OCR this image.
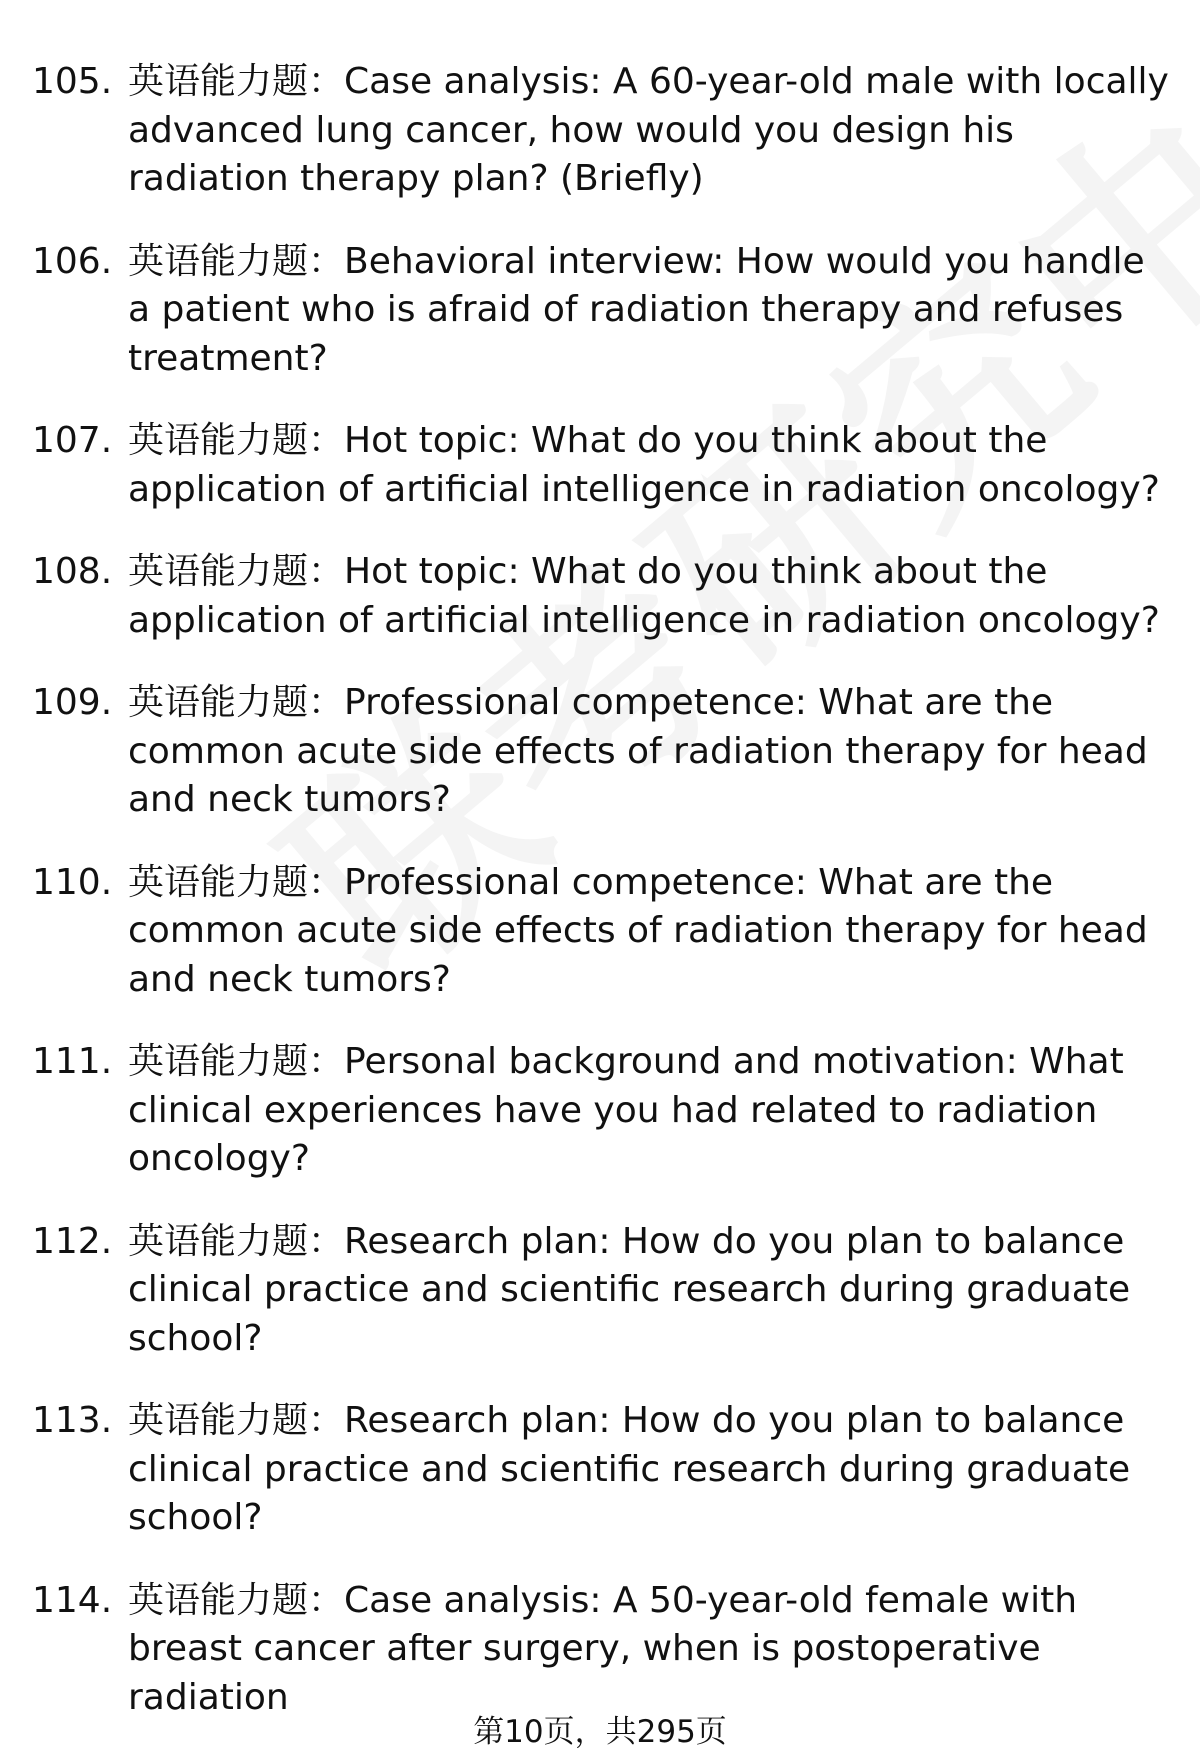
105. 英语能力题：Case analysis: A 60-year-old male with locally advanced lung cancer, how would you design his radiation therapy plan? (Briefly)
106. 英语能力题：Behavioral interview: How would you handle a patient who is afraid of radiation therapy and refuses treatment?
107. 英语能力题：Hot topic: What do you think about the application of artificial intelligence in radiation oncology?
108. 英语能力题：Hot topic: What do you think about the application of artificial intelligence in radiation oncology?
109. 英语能力题：Professional competence: What are the common acute side effects of radiation therapy for head and neck tumors?
110. 英语能力题：Professional competence: What are the common acute side effects of radiation therapy for head and neck tumors?
111. 英语能力题：Personal background and motivation: What clinical experiences have you had related to radiation oncology?
112. 英语能力题：Research plan: How do you plan to balance clinical practice and scientific research during graduate school?
113. 英语能力题：Research plan: How do you plan to balance clinical practice and scientific research during graduate school?
114. 英语能力题：Case analysis: A 50-year-old female with breast cancer after surgery, when is postoperative radiation
第10页，共295页
